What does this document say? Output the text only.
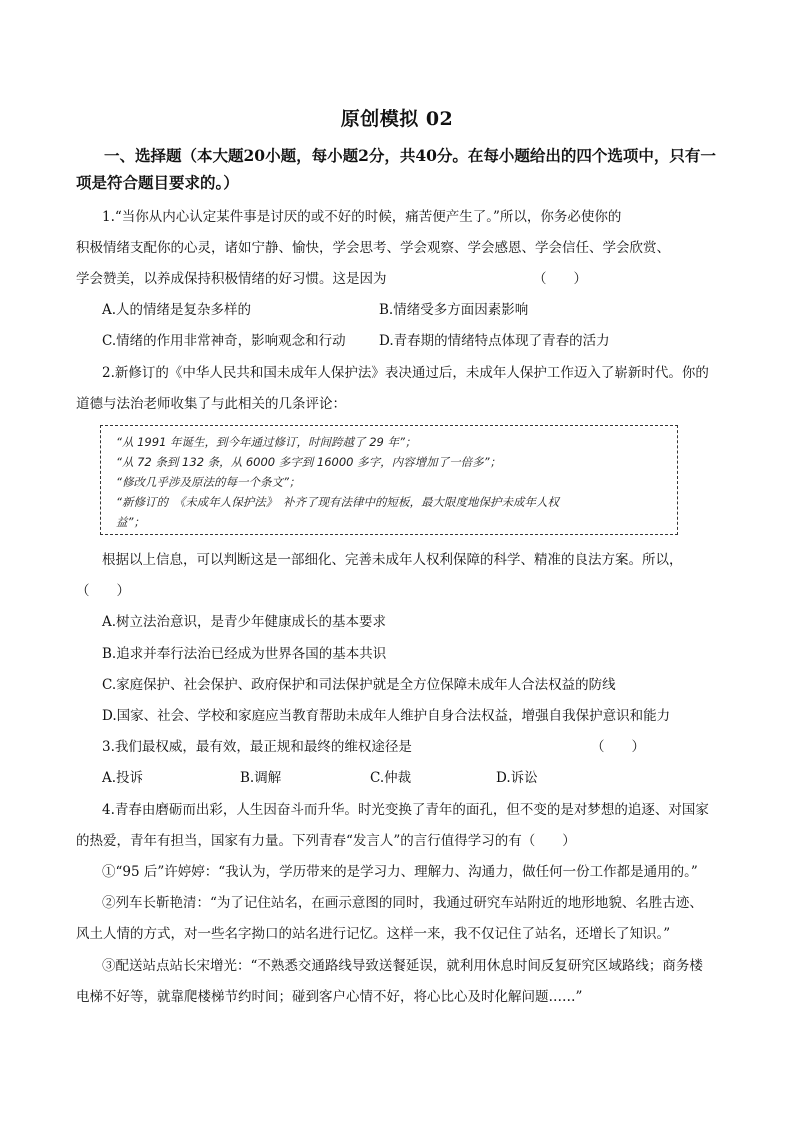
原创模拟 02
一、选择题（本大题20小题，每小题2分，共40分。在每小题给出的四个选项中，只有一项是符合题目要求的。）
1.“当你从内心认定某件事是讨厌的或不好的时候，痛苦便产生了。”所以，你务必使你的
积极情绪支配你的心灵，诸如宁静、愉快，学会思考、学会观察、学会感恩、学会信任、学会欣赏、
学会赞美，以养成保持积极情绪的好习惯。这是因为	（　　）
A.人的情绪是复杂多样的	B.情绪受多方面因素影响
C.情绪的作用非常神奇，影响观念和行动 D.青春期的情绪特点体现了青春的活力
2.新修订的《中华人民共和国未成年人保护法》表决通过后，未成年人保护工作迈入了崭新时代。你的
道德与法治老师收集了与此相关的几条评论：
“从 1991 年诞生，到今年通过修订，时间跨越了 29 年”；
“从 72 条到 132 条，从 6000 多字到 16000 多字，内容增加了一倍多”；
“修改几乎涉及原法的每一个条文”；
“新修订的　《未成年人保护法》　补齐了现有法律中的短板，最大限度地保护未成年人权
益”；
根据以上信息，可以判断这是一部细化、完善未成年人权利保障的科学、精准的良法方案。所以，
（　　）
A.树立法治意识，是青少年健康成长的基本要求
B.追求并奉行法治已经成为世界各国的基本共识
C.家庭保护、社会保护、政府保护和司法保护就是全方位保障未成年人合法权益的防线
D.国家、社会、学校和家庭应当教育帮助未成年人维护自身合法权益，增强自我保护意识和能力
3.我们最权威，最有效，最正规和最终的维权途径是	（　　）
A.投诉	B.调解	C.仲裁	D.诉讼
4.青春由磨砺而出彩，人生因奋斗而升华。时光变换了青年的面孔，但不变的是对梦想的追逐、对国家
的热爱，青年有担当，国家有力量。下列青春“发言人”的言行值得学习的有（　　）
①“95 后”许婷婷：“我认为，学历带来的是学习力、理解力、沟通力，做任何一份工作都是通用的。”
②列车长靳艳清：“为了记住站名，在画示意图的同时，我通过研究车站附近的地形地貌、名胜古迹、
风土人情的方式，对一些名字拗口的站名进行记忆。这样一来，我不仅记住了站名，还增长了知识。”
③配送站点站长宋增光：“不熟悉交通路线导致送餐延误，就利用休息时间反复研究区域路线；商务楼
电梯不好等，就靠爬楼梯节约时间；碰到客户心情不好，将心比心及时化解问题……”
